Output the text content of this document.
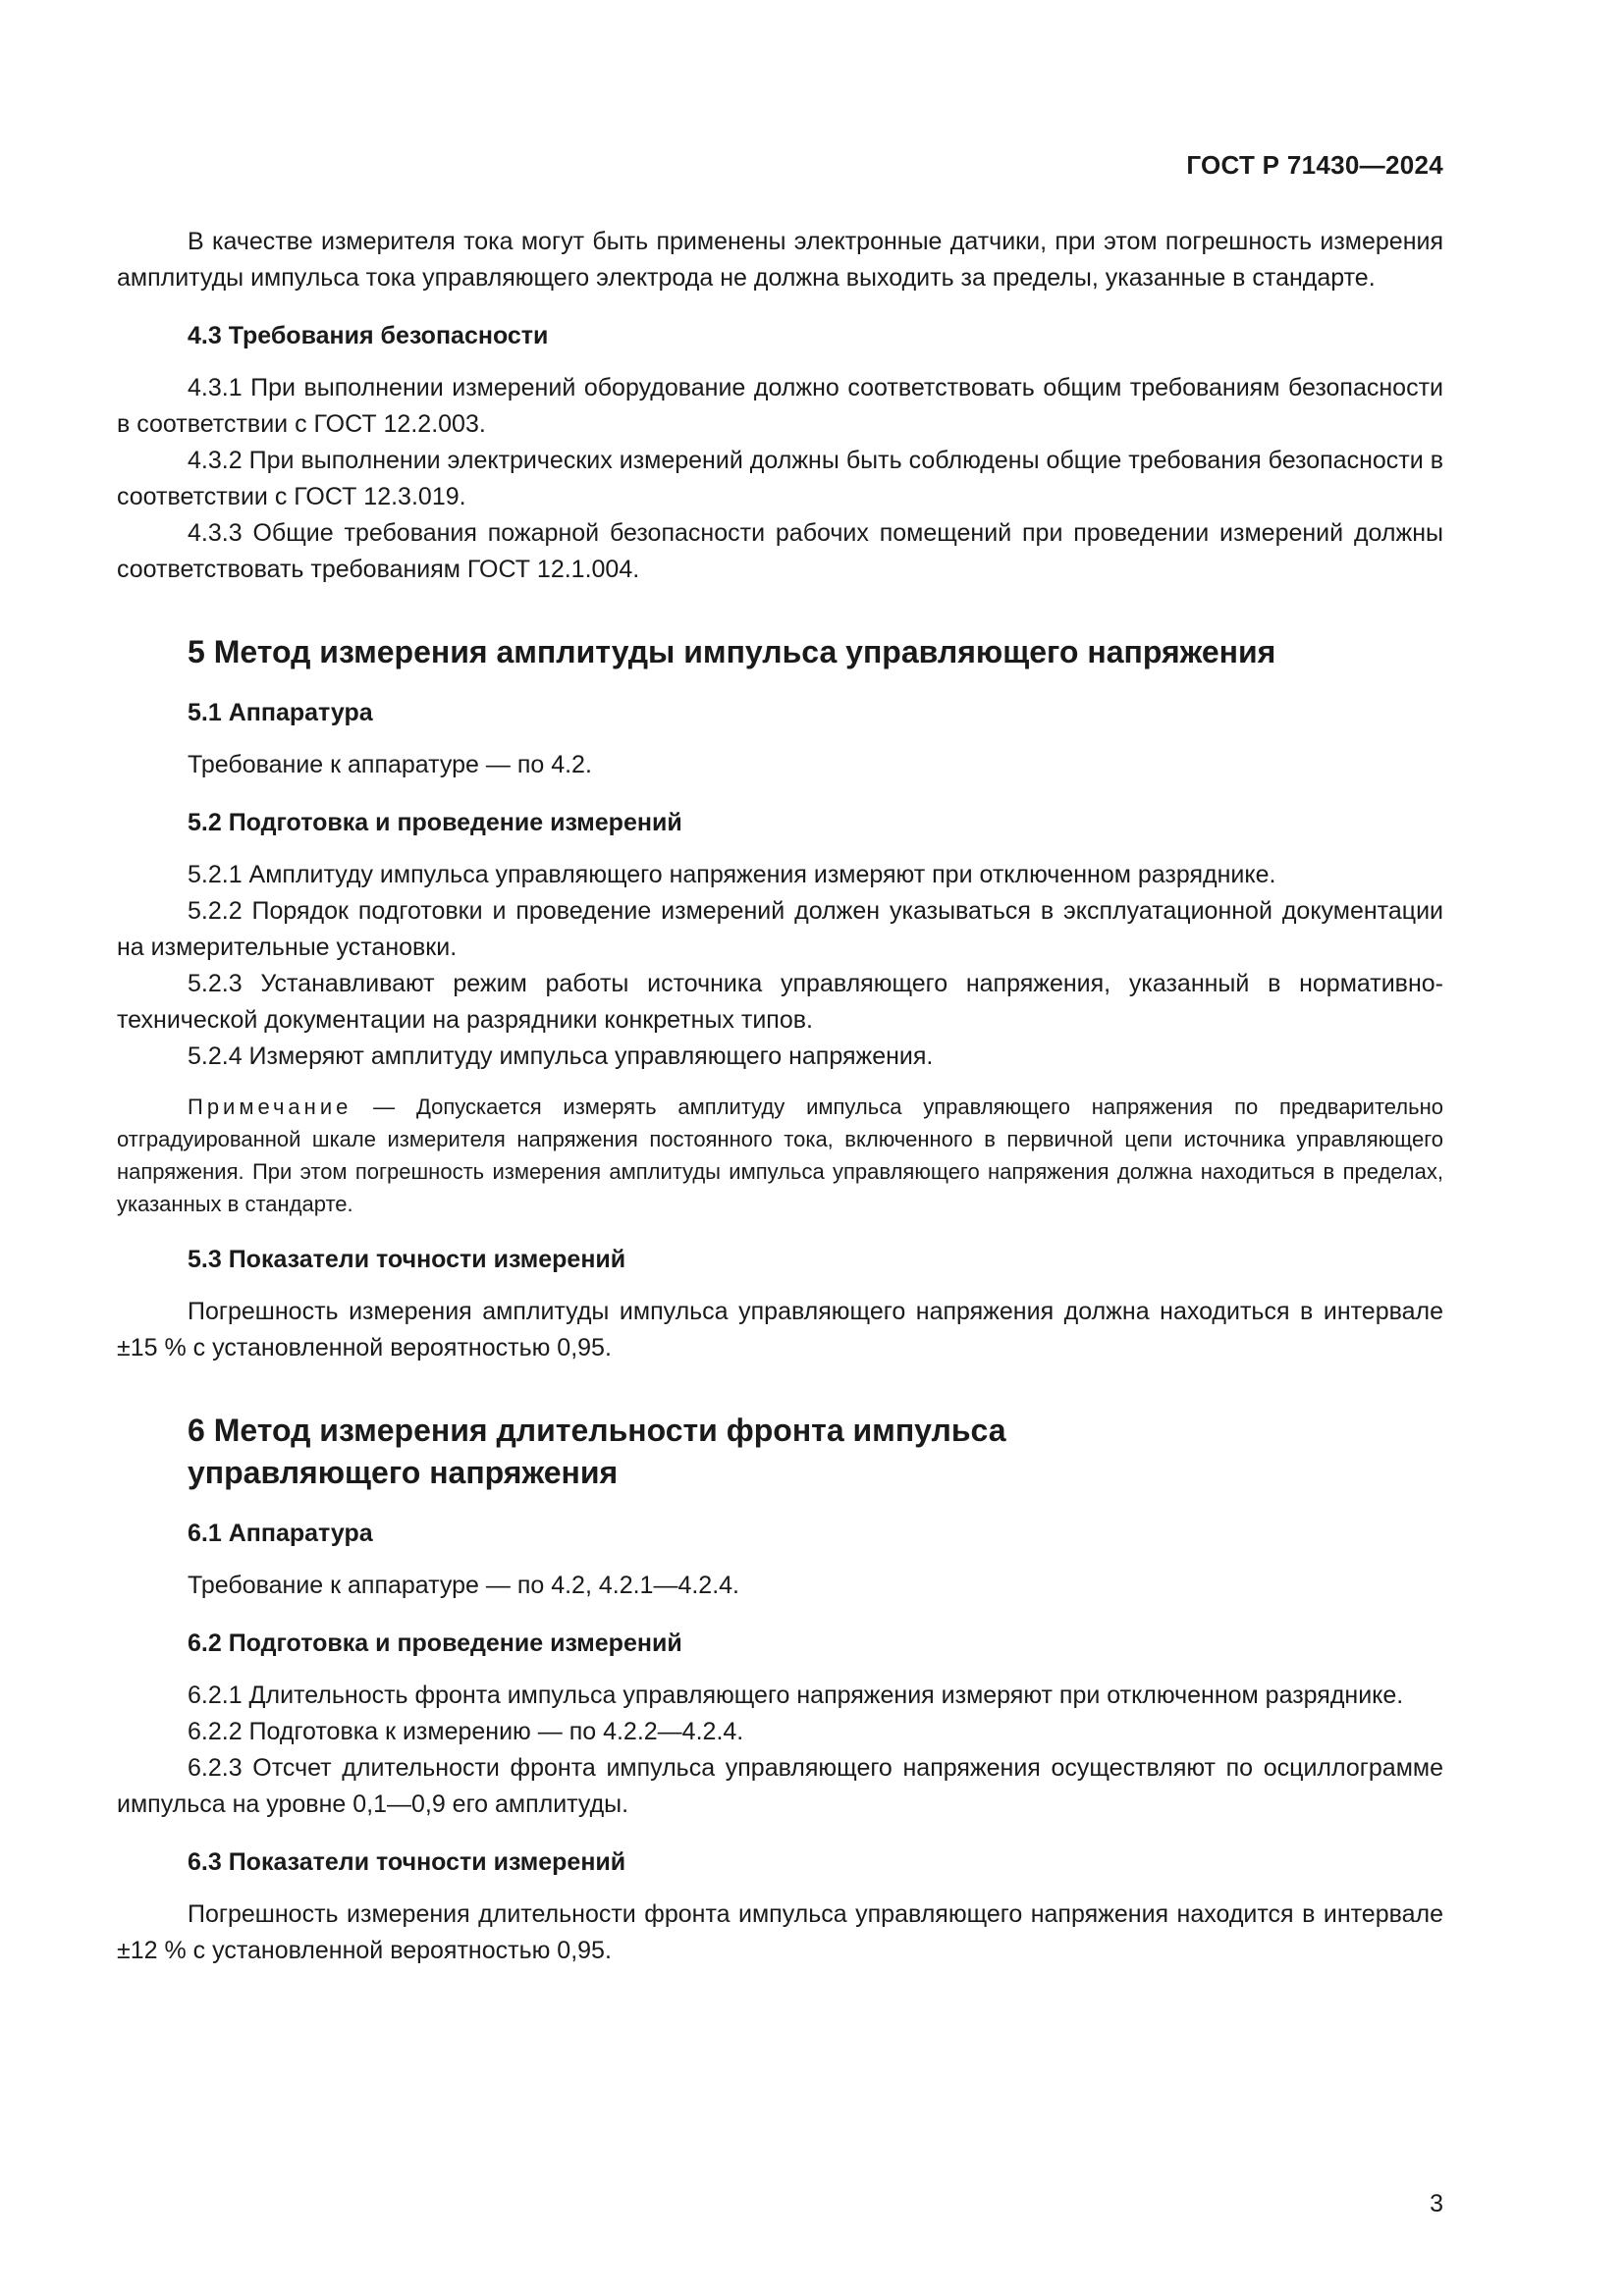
ГОСТ Р 71430—2024

В качестве измерителя тока могут быть применены электронные датчики, при этом погрешность измерения амплитуды импульса тока управляющего электрода не должна выходить за пределы, указанные в стандарте.

4.3 Требования безопасности

4.3.1 При выполнении измерений оборудование должно соответствовать общим требованиям безопасности в соответствии с ГОСТ 12.2.003.

4.3.2 При выполнении электрических измерений должны быть соблюдены общие требования безопасности в соответствии с ГОСТ 12.3.019.

4.3.3 Общие требования пожарной безопасности рабочих помещений при проведении измерений должны соответствовать требованиям ГОСТ 12.1.004.

5 Метод измерения амплитуды импульса управляющего напряжения

5.1 Аппаратура

Требование к аппаратуре — по 4.2.

5.2 Подготовка и проведение измерений

5.2.1 Амплитуду импульса управляющего напряжения измеряют при отключенном разряднике.

5.2.2 Порядок подготовки и проведение измерений должен указываться в эксплуатационной документации на измерительные установки.

5.2.3 Устанавливают режим работы источника управляющего напряжения, указанный в нормативно-технической документации на разрядники конкретных типов.

5.2.4 Измеряют амплитуду импульса управляющего напряжения.

Примечание — Допускается измерять амплитуду импульса управляющего напряжения по предварительно отградуированной шкале измерителя напряжения постоянного тока, включенного в первичной цепи источника управляющего напряжения. При этом погрешность измерения амплитуды импульса управляющего напряжения должна находиться в пределах, указанных в стандарте.

5.3 Показатели точности измерений

Погрешность измерения амплитуды импульса управляющего напряжения должна находиться в интервале ±15 % с установленной вероятностью 0,95.

6 Метод измерения длительности фронта импульса

управляющего напряжения

6.1 Аппаратура

Требование к аппаратуре — по 4.2, 4.2.1—4.2.4.

6.2 Подготовка и проведение измерений

6.2.1 Длительность фронта импульса управляющего напряжения измеряют при отключенном разряднике.

6.2.2 Подготовка к измерению — по 4.2.2—4.2.4.

6.2.3 Отсчет длительности фронта импульса управляющего напряжения осуществляют по осциллограмме импульса на уровне 0,1—0,9 его амплитуды.

6.3 Показатели точности измерений

Погрешность измерения длительности фронта импульса управляющего напряжения находится в интервале ±12 % с установленной вероятностью 0,95.

3
